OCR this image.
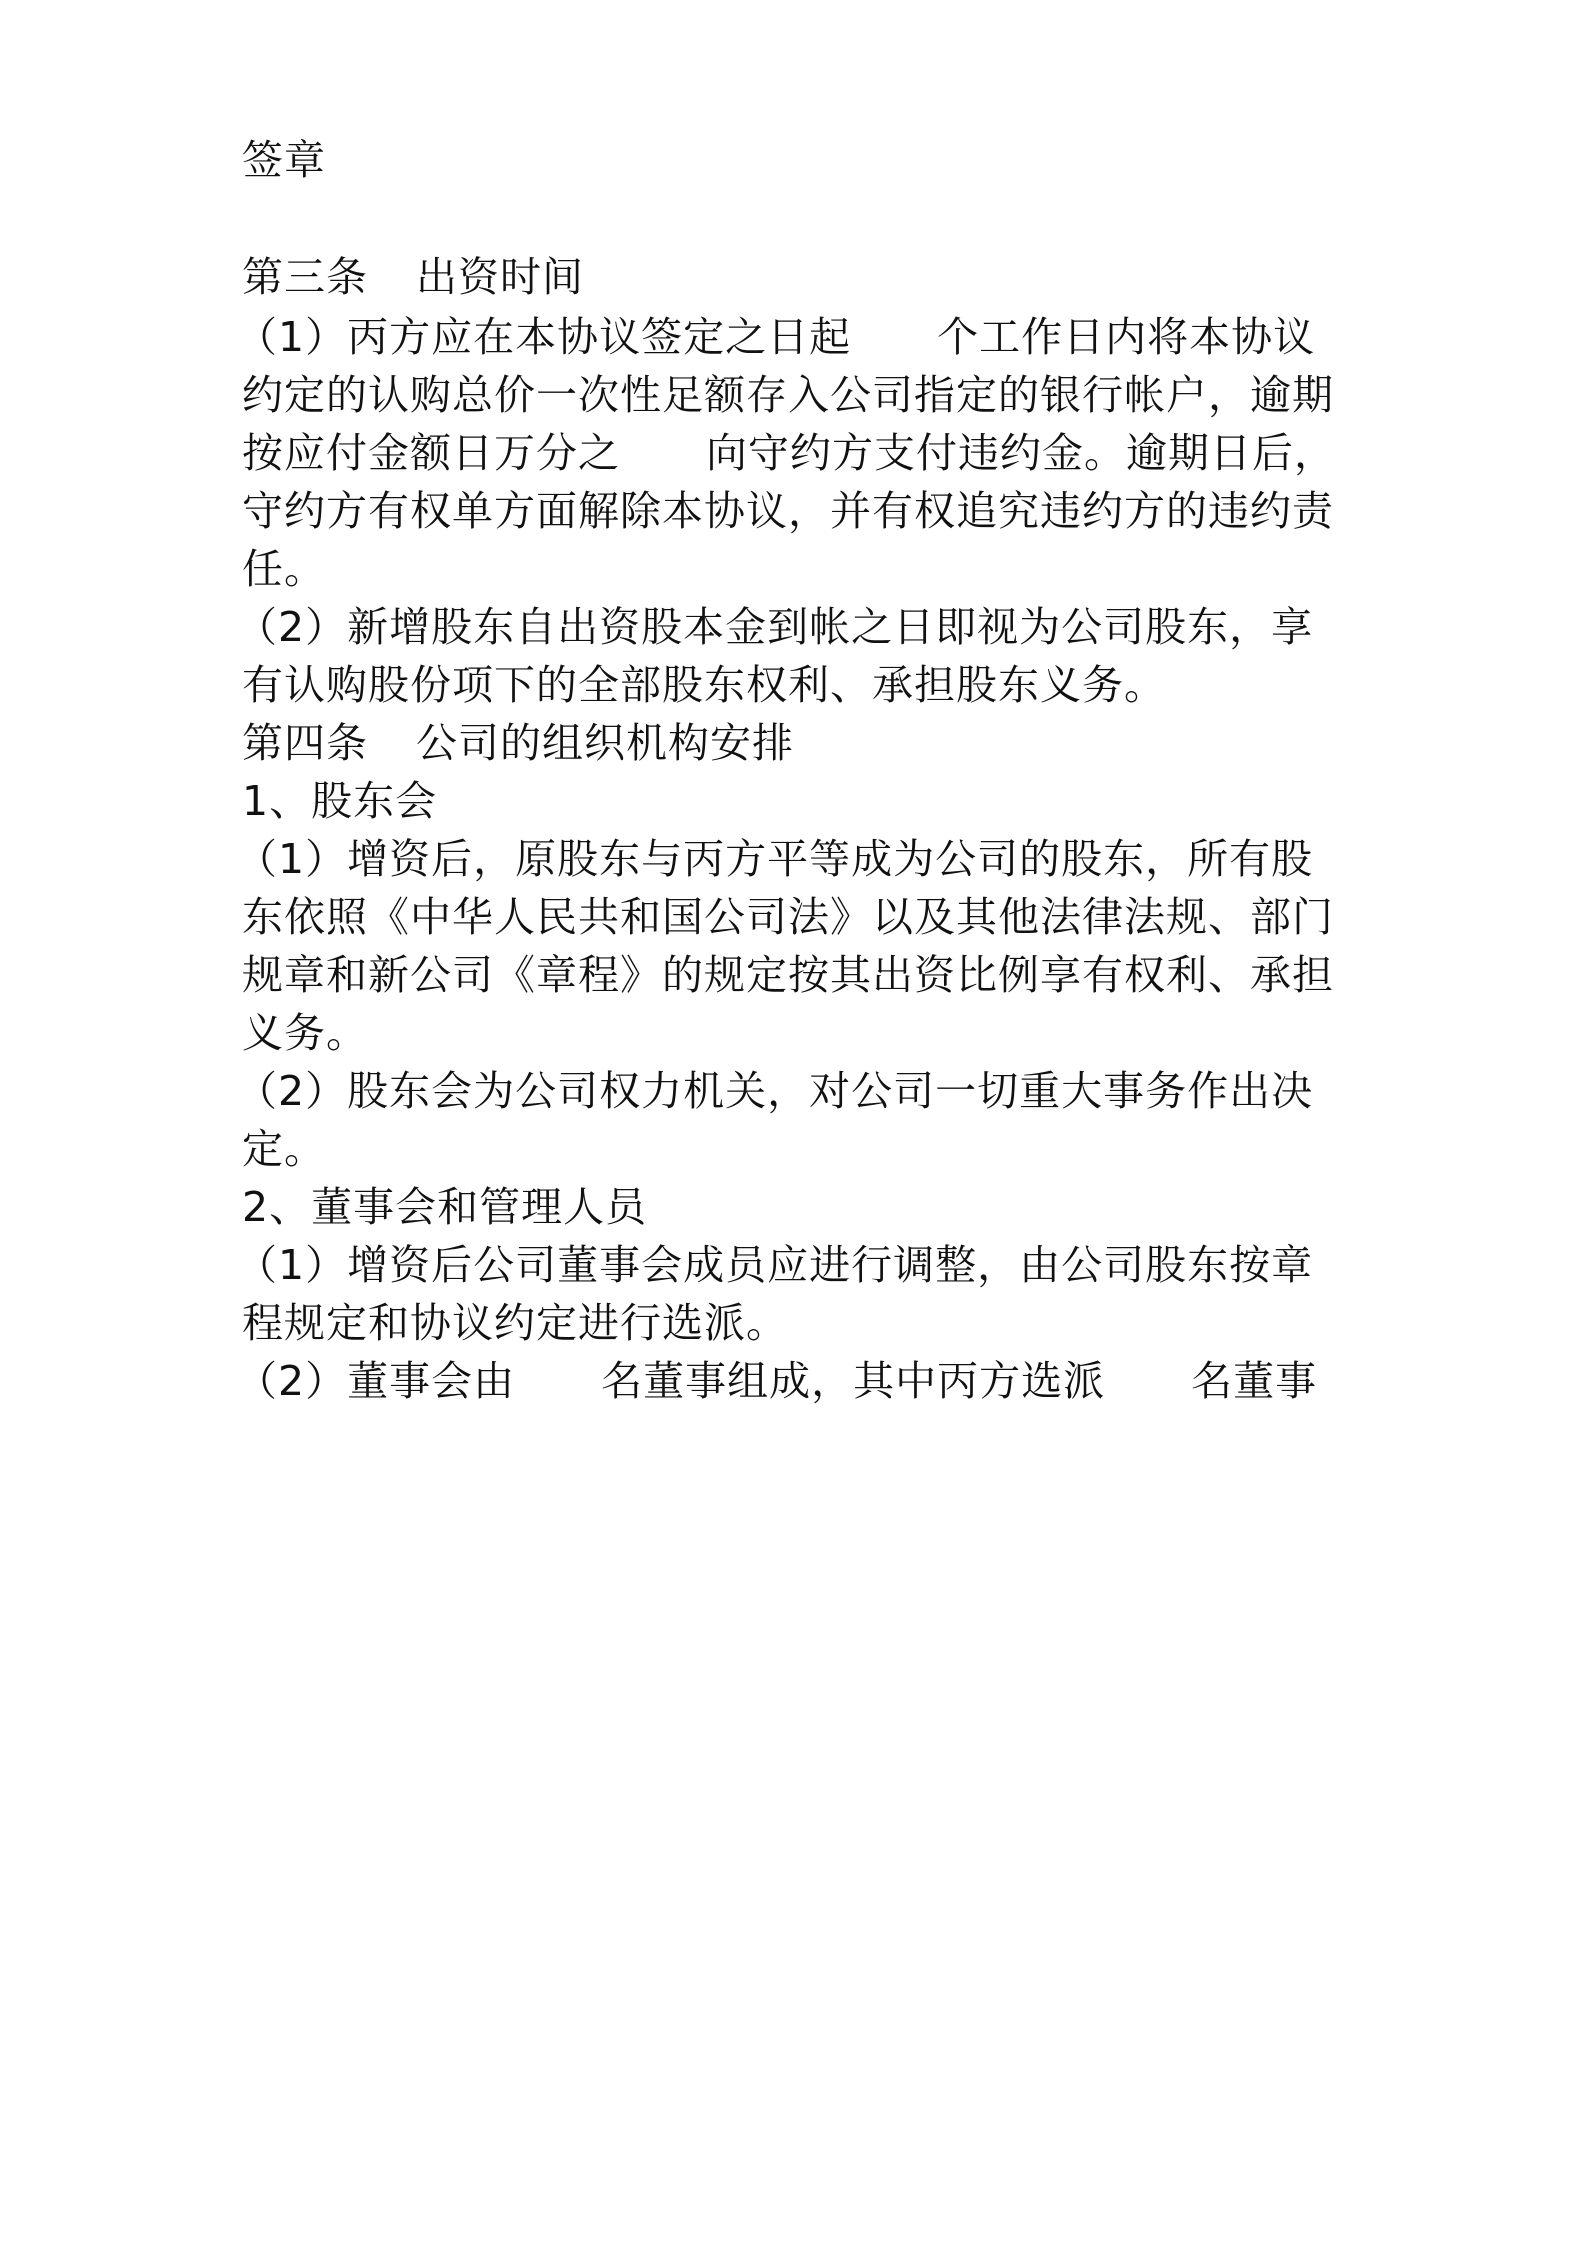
签章
第三条 出资时间
（1）丙方应在本协议签定之日起 个工作日内将本协议
约定的认购总价一次性足额存入公司指定的银行帐户，逾期
按应付金额日万分之 向守约方支付违约金。逾期日后，
守约方有权单方面解除本协议，并有权追究违约方的违约责
任。
（2）新增股东自出资股本金到帐之日即视为公司股东，享
有认购股份项下的全部股东权利、承担股东义务。
第四条 公司的组织机构安排
1、股东会
（1）增资后，原股东与丙方平等成为公司的股东，所有股
东依照《中华人民共和国公司法》以及其他法律法规、部门
规章和新公司《章程》的规定按其出资比例享有权利、承担
义务。
（2）股东会为公司权力机关，对公司一切重大事务作出决
定。
2、董事会和管理人员
（1）增资后公司董事会成员应进行调整，由公司股东按章
程规定和协议约定进行选派。
（2）董事会由 名董事组成，其中丙方选派 名董事
